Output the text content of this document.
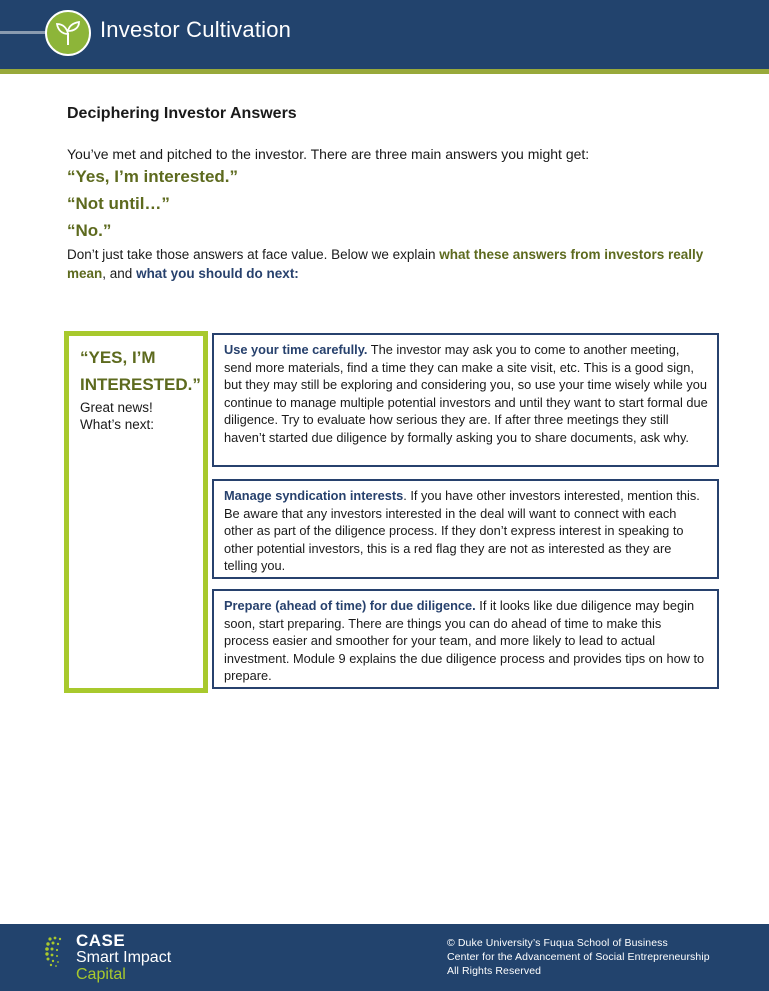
Investor Cultivation
Deciphering Investor Answers
You’ve met and pitched to the investor. There are three main answers you might get:
“Yes, I’m interested.”
“Not until…”
“No.”
Don’t just take those answers at face value. Below we explain what these answers from investors really mean, and what you should do next:
“YES, I’M
INTERESTED.”
Great news!
What’s next:
Use your time carefully. The investor may ask you to come to another meeting, send more materials, find a time they can make a site visit, etc. This is a good sign, but they may still be exploring and considering you, so use your time wisely while you continue to manage multiple potential investors and until they want to start formal due diligence. Try to evaluate how serious they are. If after three meetings they still haven’t started due diligence by formally asking you to share documents, ask why.
Manage syndication interests. If you have other investors interested, mention this. Be aware that any investors interested in the deal will want to connect with each other as part of the diligence process. If they don’t express interest in speaking to other potential investors, this is a red flag they are not as interested as they are telling you.
Prepare (ahead of time) for due diligence. If it looks like due diligence may begin soon, start preparing. There are things you can do ahead of time to make this process easier and smoother for your team, and more likely to lead to actual investment. Module 9 explains the due diligence process and provides tips on how to prepare.
CASE
Smart Impact
Capital
© Duke University’s Fuqua School of Business
Center for the Advancement of Social Entrepreneurship
All Rights Reserved
